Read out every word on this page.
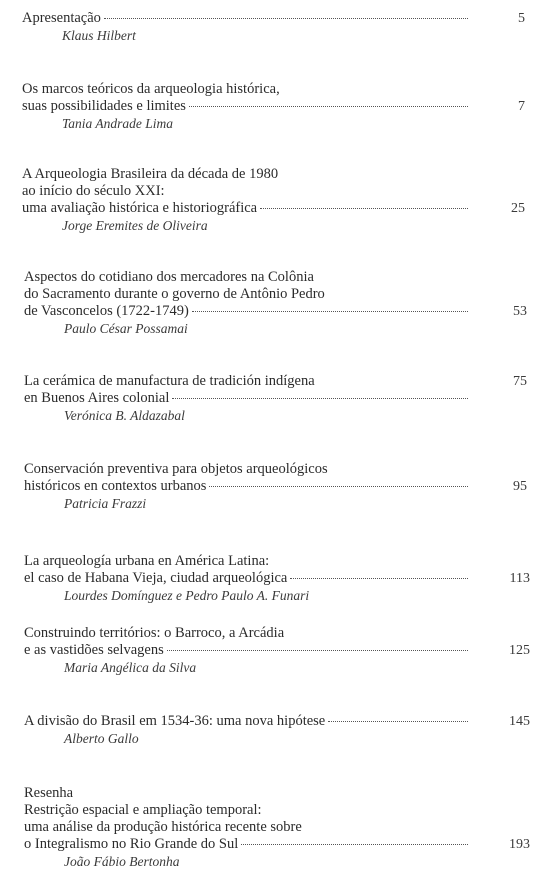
Apresentação
Klaus Hilbert
5
Os marcos teóricos da arqueologia histórica,
suas possibilidades e limites
Tania Andrade Lima
7
A Arqueologia Brasileira da década de 1980
ao início do século XXI:
uma avaliação histórica e historiográfica
Jorge Eremites de Oliveira
25
Aspectos do cotidiano dos mercadores na Colônia
do Sacramento durante o governo de Antônio Pedro
de Vasconcelos (1722-1749)
Paulo César Possamai
53
La cerámica de manufactura de tradición indígena
en Buenos Aires colonial
Verónica B. Aldazabal
75
Conservación preventiva para objetos arqueológicos
históricos en contextos urbanos
Patricia Frazzi
95
La arqueología urbana en América Latina:
el caso de Habana Vieja, ciudad arqueológica
Lourdes Domínguez e Pedro Paulo A. Funari
113
Construindo territórios: o Barroco, a Arcádia
e as vastidões selvagens
Maria Angélica da Silva
125
A divisão do Brasil em 1534-36: uma nova hipótese
Alberto Gallo
145
Resenha
Restrição espacial e ampliação temporal:
uma análise da produção histórica recente sobre
o Integralismo no Rio Grande do Sul
João Fábio Bertonha
193
